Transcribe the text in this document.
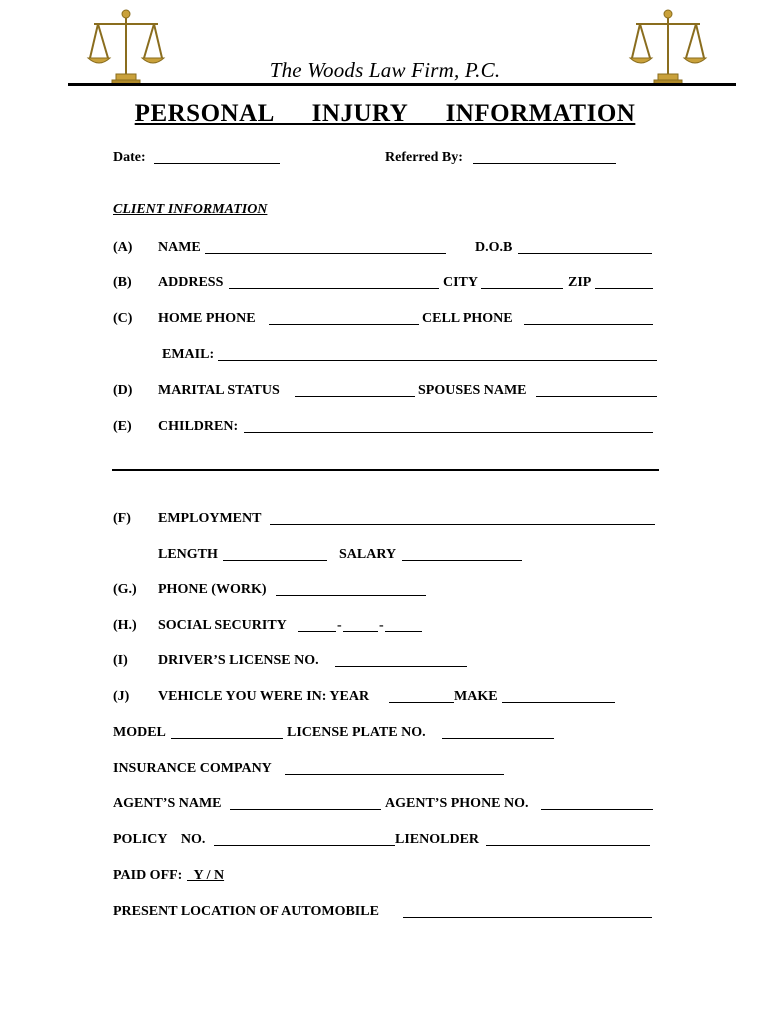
The Woods Law Firm, P.C.
PERSONAL   INJURY   INFORMATION
Date:	Referred By:
CLIENT INFORMATION
(A) NAME	D.O.B
(B) ADDRESS	CITY	ZIP
(C) HOME PHONE	CELL PHONE
EMAIL:
(D) MARITAL STATUS	SPOUSES NAME
(E) CHILDREN:
(F) EMPLOYMENT
LENGTH	SALARY
(G.) PHONE (WORK)
(H.) SOCIAL SECURITY	-	-
(I) DRIVER’S LICENSE NO.
(J) VEHICLE YOU WERE IN: YEAR	MAKE
MODEL	LICENSE PLATE NO.
INSURANCE COMPANY
AGENT’S NAME	AGENT’S PHONE NO.
POLICY    NO.	LIENOLDER
PAID OFF: Y / N
PRESENT LOCATION OF AUTOMOBILE
